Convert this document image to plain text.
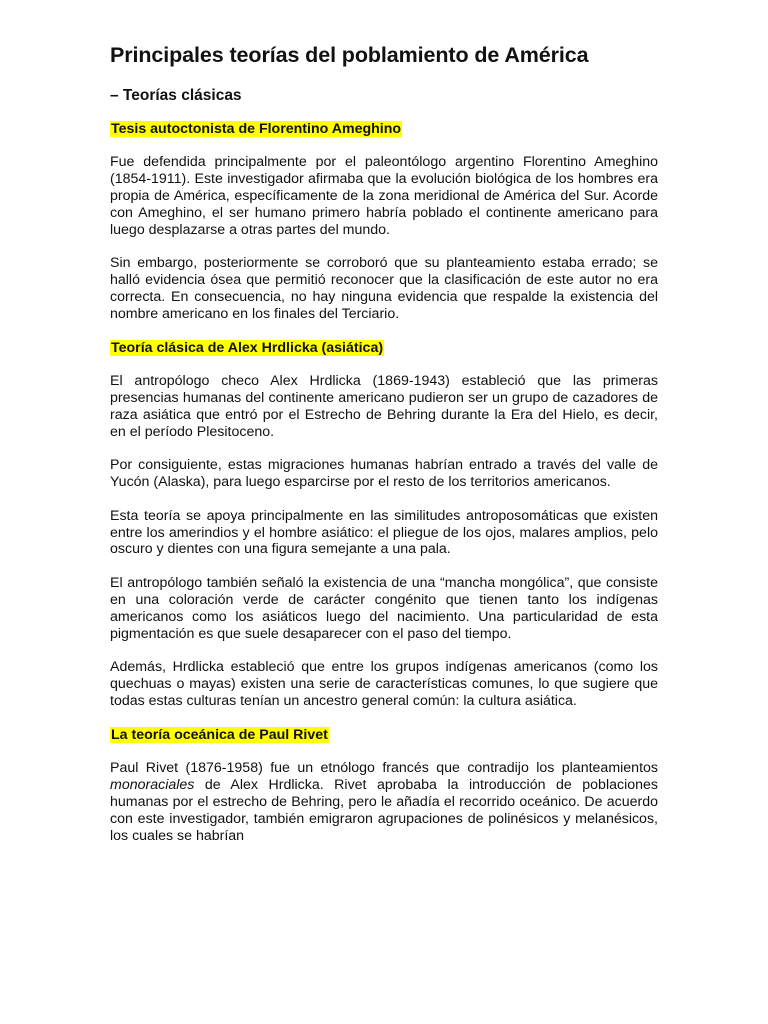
Principales teorías del poblamiento de América
– Teorías clásicas
Tesis autoctonista de Florentino Ameghino

Fue defendida principalmente por el paleontólogo argentino Florentino Ameghino (1854-1911). Este investigador afirmaba que la evolución biológica de los hombres era propia de América, específicamente de la zona meridional de América del Sur. Acorde con Ameghino, el ser humano primero habría poblado el continente americano para luego desplazarse a otras partes del mundo.

Sin embargo, posteriormente se corroboró que su planteamiento estaba errado; se halló evidencia ósea que permitió reconocer que la clasificación de este autor no era correcta. En consecuencia, no hay ninguna evidencia que respalde la existencia del nombre americano en los finales del Terciario.

Teoría clásica de Alex Hrdlicka (asiática)

El antropólogo checo Alex Hrdlicka (1869-1943) estableció que las primeras presencias humanas del continente americano pudieron ser un grupo de cazadores de raza asiática que entró por el Estrecho de Behring durante la Era del Hielo, es decir, en el período Plesitoceno.

Por consiguiente, estas migraciones humanas habrían entrado a través del valle de Yucón (Alaska), para luego esparcirse por el resto de los territorios americanos.

Esta teoría se apoya principalmente en las similitudes antroposomáticas que existen entre los amerindios y el hombre asiático: el pliegue de los ojos, malares amplios, pelo oscuro y dientes con una figura semejante a una pala.

El antropólogo también señaló la existencia de una “mancha mongólica”, que consiste en una coloración verde de carácter congénito que tienen tanto los indígenas americanos como los asiáticos luego del nacimiento. Una particularidad de esta pigmentación es que suele desaparecer con el paso del tiempo.

Además, Hrdlicka estableció que entre los grupos indígenas americanos (como los quechuas o mayas) existen una serie de características comunes, lo que sugiere que todas estas culturas tenían un ancestro general común: la cultura asiática.

La teoría oceánica de Paul Rivet

Paul Rivet (1876-1958) fue un etnólogo francés que contradijo los planteamientos monoraciales de Alex Hrdlicka. Rivet aprobaba la introducción de poblaciones humanas por el estrecho de Behring, pero le añadía el recorrido oceánico. De acuerdo con este investigador, también emigraron agrupaciones de polinésicos y melanésicos, los cuales se habrían
